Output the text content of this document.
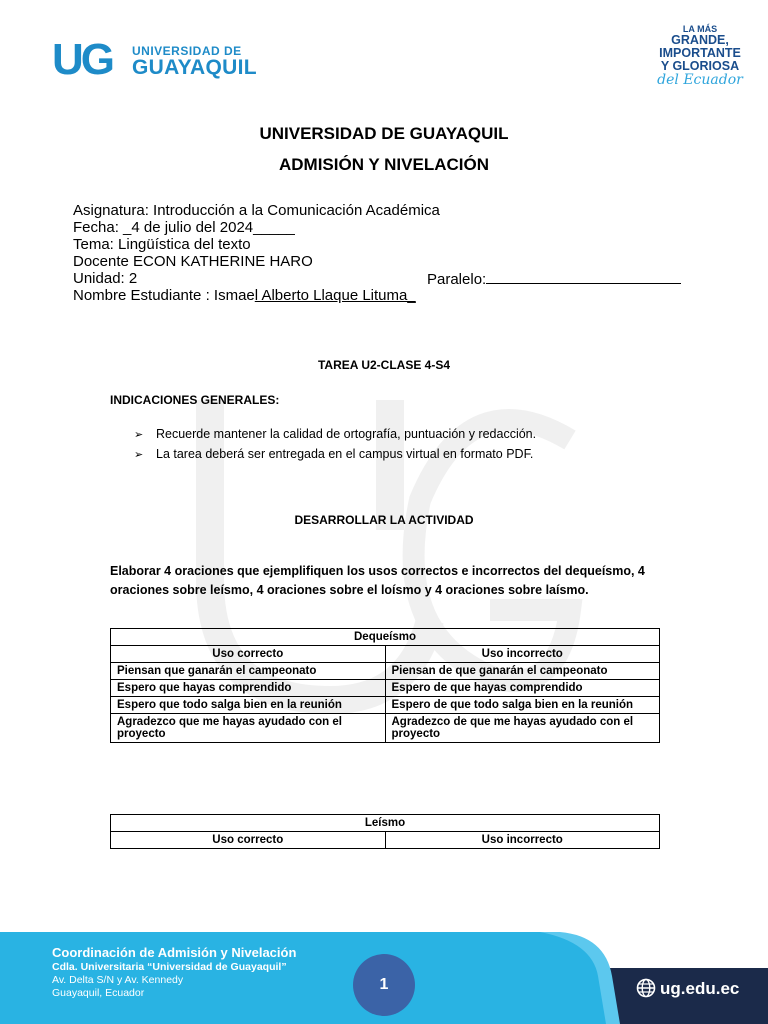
UG UNIVERSIDAD DE
GUAYAQUIL
LA MÁS
GRANDE,
IMPORTANTE
Y GLORIOSA
del Ecuador
UNIVERSIDAD DE GUAYAQUIL
ADMISIÓN Y NIVELACIÓN
Asignatura: Introducción a la Comunicación Académica
Fecha: _4 de julio del 2024_____
Tema: Lingüística del texto
Docente ECON KATHERINE HARO
Unidad: 2	Paralelo:
Nombre Estudiante : Ismael Alberto Llaque Lituma_
TAREA U2-CLASE 4-S4
INDICACIONES GENERALES:
➢ Recuerde mantener la calidad de ortografía, puntuación y redacción.
➢ La tarea deberá ser entregada en el campus virtual en formato PDF.
DESARROLLAR LA ACTIVIDAD
Elaborar 4 oraciones que ejemplifiquen los usos correctos e incorrectos del dequeísmo, 4 oraciones sobre leísmo, 4 oraciones sobre el loísmo y 4 oraciones sobre laísmo.
Dequeísmo	
Uso correcto	Uso incorrecto
Piensan que ganarán el campeonato	Piensan de que ganarán el campeonato
Espero que hayas comprendido	Espero de que hayas comprendido
Espero que todo salga bien en la reunión	Espero de que todo salga bien en la reunión
Agradezco que me hayas ayudado con el proyecto	Agradezco de que me hayas ayudado con el proyecto
Leísmo
Uso correcto	Uso incorrecto
Coordinación de Admisión y Nivelación
Cdla. Universitaria “Universidad de Guayaquil”
Av. Delta S/N y Av. Kennedy
Guayaquil, Ecuador	1	ug.edu.ec
